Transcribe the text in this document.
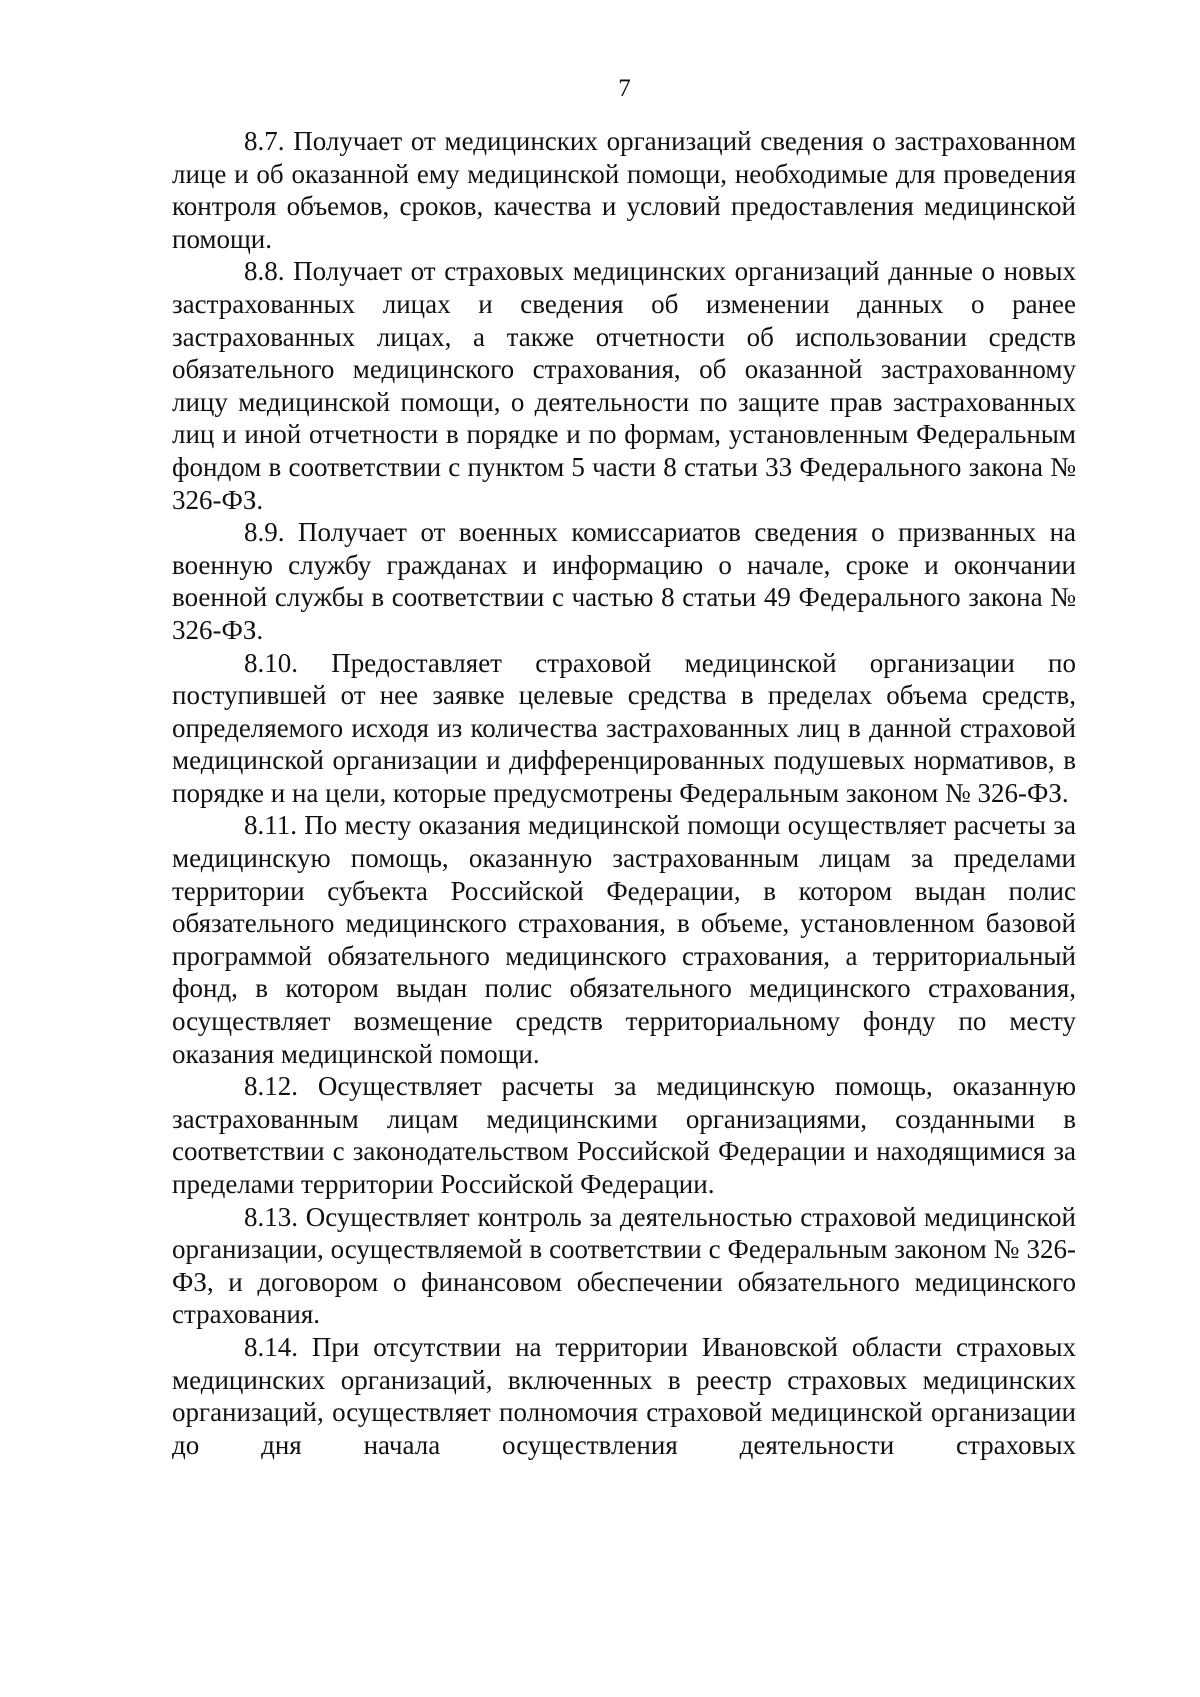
7

8.7. Получает от медицинских организаций сведения о застрахованном лице и об оказанной ему медицинской помощи, необходимые для проведения контроля объемов, сроков, качества и условий предоставления медицинской помощи.

8.8. Получает от страховых медицинских организаций данные о новых застрахованных лицах и сведения об изменении данных о ранее застрахованных лицах, а также отчетности об использовании средств обязательного медицинского страхования, об оказанной застрахованному лицу медицинской помощи, о деятельности по защите прав застрахованных лиц и иной отчетности в порядке и по формам, установленным Федеральным фондом в соответствии с пунктом 5 части 8 статьи 33 Федерального закона № 326-ФЗ.

8.9. Получает от военных комиссариатов сведения о призванных на военную службу гражданах и информацию о начале, сроке и окончании военной службы в соответствии с частью 8 статьи 49 Федерального закона № 326-ФЗ.

8.10. Предоставляет страховой медицинской организации по поступившей от нее заявке целевые средства в пределах объема средств, определяемого исходя из количества застрахованных лиц в данной страховой медицинской организации и дифференцированных подушевых нормативов, в порядке и на цели, которые предусмотрены Федеральным законом № 326-ФЗ.

8.11. По месту оказания медицинской помощи осуществляет расчеты за медицинскую помощь, оказанную застрахованным лицам за пределами территории субъекта Российской Федерации, в котором выдан полис обязательного медицинского страхования, в объеме, установленном базовой программой обязательного медицинского страхования, а территориальный фонд, в котором выдан полис обязательного медицинского страхования, осуществляет возмещение средств территориальному фонду по месту оказания медицинской помощи.

8.12. Осуществляет расчеты за медицинскую помощь, оказанную застрахованным лицам медицинскими организациями, созданными в соответствии с законодательством Российской Федерации и находящимися за пределами территории Российской Федерации.

8.13. Осуществляет контроль за деятельностью страховой медицинской организации, осуществляемой в соответствии с Федеральным законом № 326-ФЗ, и договором о финансовом обеспечении обязательного медицинского страхования.

8.14. При отсутствии на территории Ивановской области страховых медицинских организаций, включенных в реестр страховых медицинских организаций, осуществляет полномочия страховой медицинской организации до дня начала осуществления деятельности страховых
